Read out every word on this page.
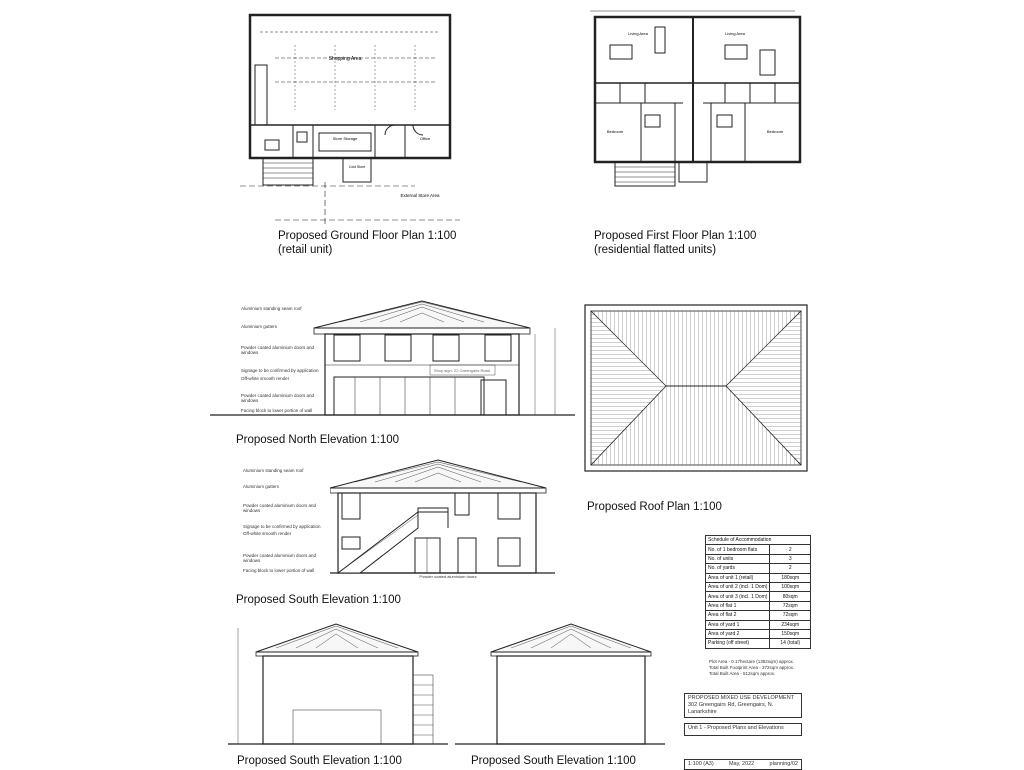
Shopping Area
Store Storage	Office
Cold Store
External Store Area
Proposed Ground Floor Plan 1:100
(retail unit)
Living Area	Living Area
Bedroom	Bedroom
Proposed First Floor Plan 1:100
(residential flatted units)
Aluminium standing seam roof
Aluminium gutters
Powder coated aluminium doors and windows
Signage to be confirmed by application
Off-white smooth render
Powder coated aluminium doors and windows
Facing block to lower portion of wall
Shop sign: 22 Greengairs Road
Proposed North Elevation 1:100
Proposed Roof Plan 1:100
Aluminium standing seam roof
Aluminium gutters
Powder coated aluminium doors and windows
Signage to be confirmed by application
Off-white smooth render
Powder coated aluminium doors and windows
Facing block to lower portion of wall
Powder coated aluminium doors
Proposed South Elevation 1:100
Schedule of Accommodation	
No. of 1 bedroom flats	2
No. of units	3
No. of yards	2
Area of unit 1 (retail)	180sqm
Area of unit 2 (incl. 1 Dom)	100sqm
Area of unit 3 (incl. 1 Dom)	80sqm
Area of flat 1	72sqm
Area of flat 2	72sqm
Area of yard 1	234sqm
Area of yard 2	150sqm
Parking (off street)	14 (total)
Plot Area - 0.17hectare (1392sqm) approx.
Total Built Footprint Area - 372sqm approx.
Total Built Area - 512sqm approx.
Proposed South Elevation 1:100	Proposed South Elevation 1:100
PROPOSED MIXED USE DEVELOPMENT
302 Greengairs Rd, Greengairs, N. Lanarkshire
Unit 1 - Proposed Plans and Elevations
1:100 (A3)	May, 2022	planning/02
